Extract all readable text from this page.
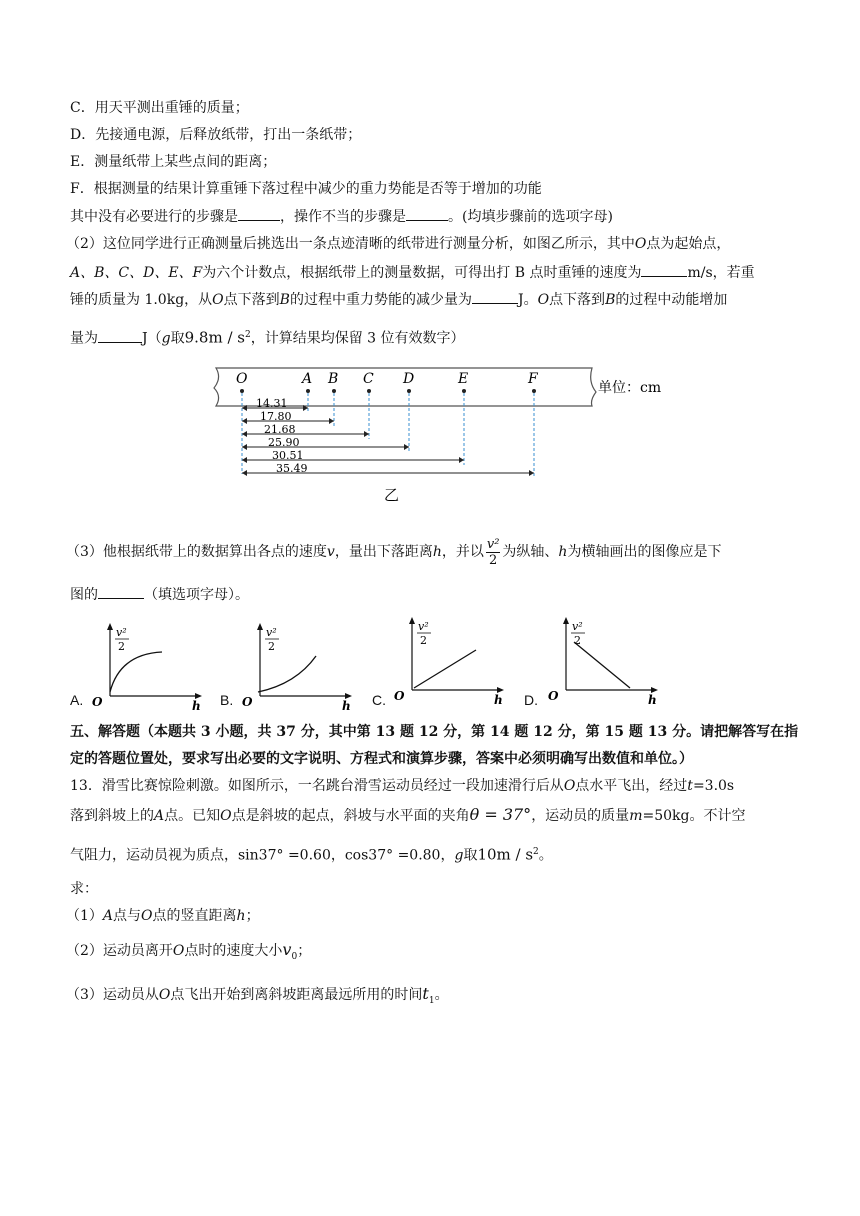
C．用天平测出重锤的质量；
D．先接通电源，后释放纸带，打出一条纸带；
E．测量纸带上某些点间的距离；
F．根据测量的结果计算重锤下落过程中减少的重力势能是否等于增加的功能
其中没有必要进行的步骤是	，操作不当的步骤是	。(均填步骤前的选项字母)
（2）这位同学进行正确测量后挑选出一条点迹清晰的纸带进行测量分析，如图乙所示，其中O点为起始点，
A、B、C、D、E、F为六个计数点，根据纸带上的测量数据，可得出打 B 点时重锤的速度为	m/s，若重
锤的质量为 1.0kg，从O点下落到B的过程中重力势能的减少量为	J。O点下落到B的过程中动能增加
量为	J（g取$9.8m / s^2$，计算结果均保留 3 位有效数字）
O	A B C D	E	F
单位：cm
14.31
17.80
21.68
25.90
30.51
35.49
乙
（3）他根据纸带上的数据算出各点的速度v，量出下落距离h，并以 $\frac{\text{v²}}{2}$ 为纵轴、h为横轴画出的图像应是下
图的	（填选项字母）。
A.
v²
2
O	h B.
v²
2
O	h C.
v²
2
O	h D.
v²
2
O	h
五、解答题（本题共 3 小题，共 37 分，其中第 13 题 12 分，第 14 题 12 分，第 15 题 13 分。请把解答写在指
定的答题位置处，要求写出必要的文字说明、方程式和演算步骤，答案中必须明确写出数值和单位。）
13．滑雪比赛惊险刺激。如图所示，一名跳台滑雪运动员经过一段加速滑行后从O点水平飞出，经过t=3.0s
落到斜坡上的A点。已知O点是斜坡的起点，斜坡与水平面的夹角θ = 37°，运动员的质量m=50kg。不计空
气阻力，运动员视为质点，sin37° =0.60，cos37° =0.80，g取$10m / s^2$。
求：
（1）A点与O点的竖直距离h；
（2）运动员离开O点时的速度大小$v_0$；
（3）运动员从O点飞出开始到离斜坡距离最远所用的时间$t_1$。
